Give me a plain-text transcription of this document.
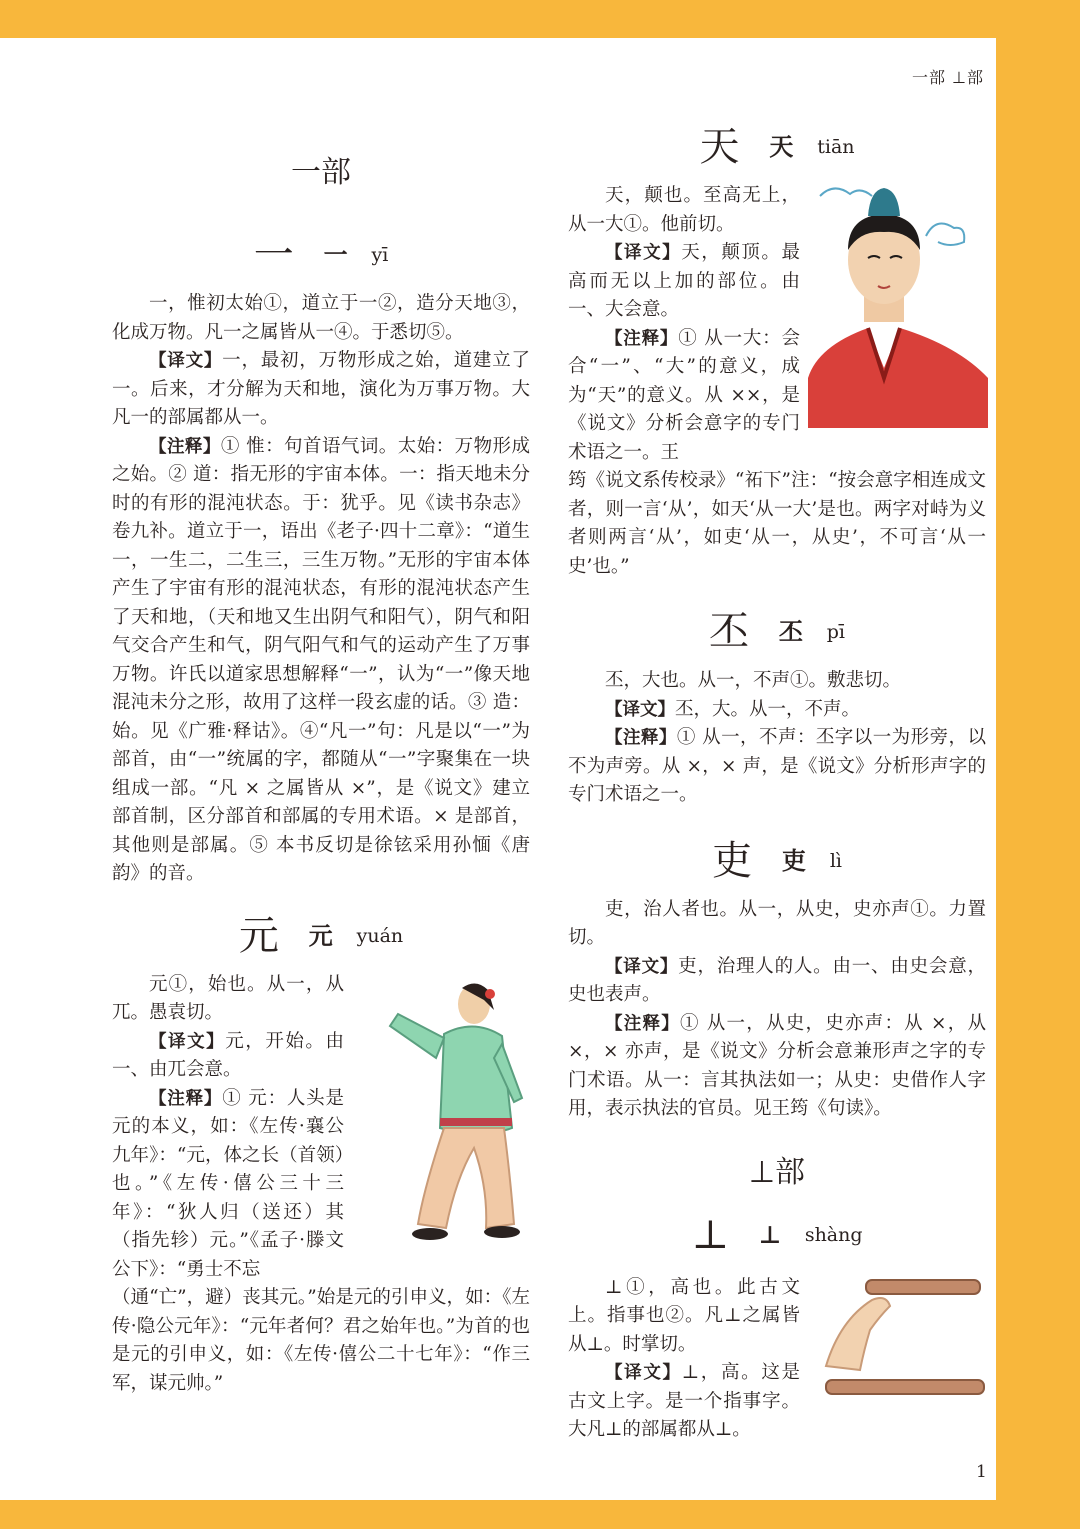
一部 ⊥部
一部
一 一 yī

一，惟初太始①，道立于一②，造分天地③，化成万物。凡一之属皆从一④。于悉切⑤。

【译文】一，最初，万物形成之始，道建立了一。后来，才分解为天和地，演化为万事万物。大凡一的部属都从一。

【注释】① 惟：句首语气词。太始：万物形成之始。② 道：指无形的宇宙本体。一：指天地未分时的有形的混沌状态。于：犹乎。见《读书杂志》卷九补。道立于一，语出《老子·四十二章》：“道生一，一生二，二生三，三生万物。”无形的宇宙本体产生了宇宙有形的混沌状态，有形的混沌状态产生了天和地，（天和地又生出阴气和阳气），阴气和阳气交合产生和气，阴气阳气和气的运动产生了万事万物。许氏以道家思想解释“一”，认为“一”像天地混沌未分之形，故用了这样一段玄虚的话。③ 造：始。见《广雅·释诂》。④“凡一”句：凡是以“一”为部首，由“一”统属的字，都随从“一”字聚集在一块组成一部。“凡 × 之属皆从 ×”，是《说文》建立部首制，区分部首和部属的专用术语。× 是部首，其他则是部属。⑤ 本书反切是徐铉采用孙愐《唐韵》的音。

元 元 yuán

元①，始也。从一，从兀。愚袁切。

【译文】元，开始。由一、由兀会意。

【注释】① 元：人头是元的本义，如：《左传·襄公九年》：“元，体之长（首领）也。”《左传·僖公三十三年》：“狄人归（送还）其（指先轸）元。”《孟子·滕文公下》：“勇士不忘

（通“亡”，避）丧其元。”始是元的引申义，如：《左传·隐公元年》：“元年者何？君之始年也。”为首的也是元的引申义，如：《左传·僖公二十七年》：“作三军，谋元帅。”

天 天 tiān

天，颠也。至高无上，从一大①。他前切。

【译文】天，颠顶。最高而无以上加的部位。由一、大会意。

【注释】① 从一大：会合“一”、“大”的意义，成为“天”的意义。从 ××，是《说文》分析会意字的专门术语之一。王

筠《说文系传校录》“祏下”注：“按会意字相连成文者，则一言‘从’，如天‘从一大’是也。两字对峙为义者则两言‘从’，如吏‘从一，从史’，不可言‘从一史’也。”

丕 丕 pī

丕，大也。从一，不声①。敷悲切。

【译文】丕，大。从一，不声。

【注释】① 从一，不声：丕字以一为形旁，以不为声旁。从 ×，× 声，是《说文》分析形声字的专门术语之一。

吏 吏 lì

吏，治人者也。从一，从史，史亦声①。力置切。

【译文】吏，治理人的人。由一、由史会意，史也表声。

【注释】① 从一，从史，史亦声：从 ×，从 ×，× 亦声，是《说文》分析会意兼形声之字的专门术语。从一：言其执法如一；从史：史借作人字用，表示执法的官员。见王筠《句读》。

⊥部
⊥ ⊥ shàng

⊥①，高也。此古文上。指事也②。凡⊥之属皆从⊥。时掌切。

【译文】⊥，高。这是古文上字。是一个指事字。大凡⊥的部属都从⊥。

1
